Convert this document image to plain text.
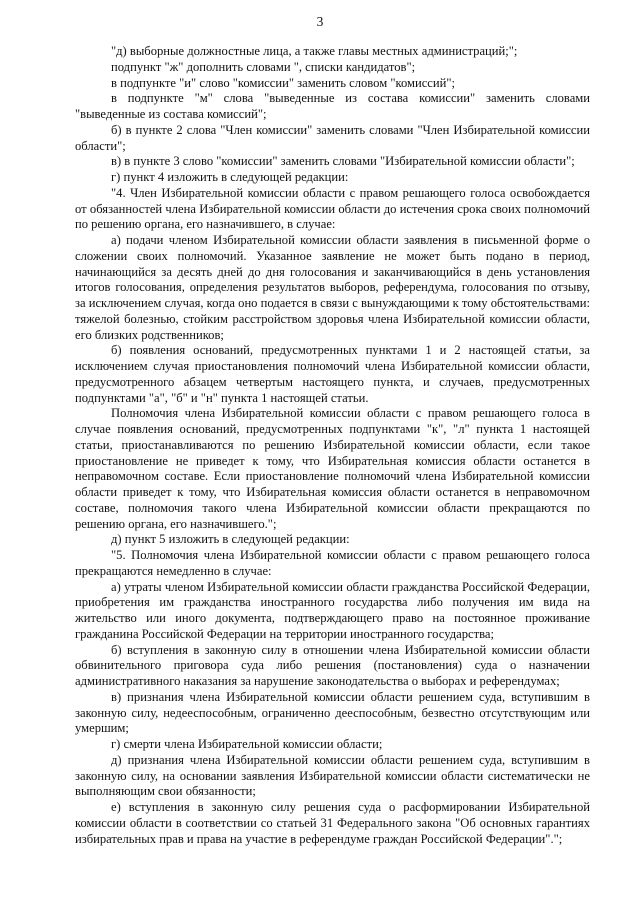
3

"д) выборные должностные лица, а также главы местных администраций;";

подпункт "ж" дополнить словами ", списки кандидатов";

в подпункте "и" слово "комиссии" заменить словом "комиссий";

в подпункте "м" слова "выведенные из состава комиссии" заменить словами "выведенные из состава комиссий";

б) в пункте 2 слова "Член комиссии" заменить словами "Член Избирательной комиссии области";

в) в пункте 3 слово "комиссии" заменить словами "Избирательной комиссии области";

г) пункт 4 изложить в следующей редакции:

"4. Член Избирательной комиссии области с правом решающего голоса освобождается от обязанностей члена Избирательной комиссии области до истечения срока своих полномочий по решению органа, его назначившего, в случае:

а) подачи членом Избирательной комиссии области заявления в письменной форме о сложении своих полномочий. Указанное заявление не может быть подано в период, начинающийся за десять дней до дня голосования и заканчивающийся в день установления итогов голосования, определения результатов выборов, референдума, голосования по отзыву, за исключением случая, когда оно подается в связи с вынуждающими к тому обстоятельствами: тяжелой болезнью, стойким расстройством здоровья члена Избирательной комиссии области, его близких родственников;

б) появления оснований, предусмотренных пунктами 1 и 2 настоящей статьи, за исключением случая приостановления полномочий члена Избирательной комиссии области, предусмотренного абзацем четвертым настоящего пункта, и случаев, предусмотренных подпунктами "а", "б" и "н" пункта 1 настоящей статьи.

Полномочия члена Избирательной комиссии области с правом решающего голоса в случае появления оснований, предусмотренных подпунктами "к", "л" пункта 1 настоящей статьи, приостанавливаются по решению Избирательной комиссии области, если такое приостановление не приведет к тому, что Избирательная комиссия области останется в неправомочном составе. Если приостановление полномочий члена Избирательной комиссии области приведет к тому, что Избирательная комиссия области останется в неправомочном составе, полномочия такого члена Избирательной комиссии области прекращаются по решению органа, его назначившего.";

д) пункт 5 изложить в следующей редакции:

"5. Полномочия члена Избирательной комиссии области с правом решающего голоса прекращаются немедленно в случае:

а) утраты членом Избирательной комиссии области гражданства Российской Федерации, приобретения им гражданства иностранного государства либо получения им вида на жительство или иного документа, подтверждающего право на постоянное проживание гражданина Российской Федерации на территории иностранного государства;

б) вступления в законную силу в отношении члена Избирательной комиссии области обвинительного приговора суда либо решения (постановления) суда о назначении административного наказания за нарушение законодательства о выборах и референдумах;

в) признания члена Избирательной комиссии области решением суда, вступившим в законную силу, недееспособным, ограниченно дееспособным, безвестно отсутствующим или умершим;

г) смерти члена Избирательной комиссии области;

д) признания члена Избирательной комиссии области решением суда, вступившим в законную силу, на основании заявления Избирательной комиссии области систематически не выполняющим свои обязанности;

е) вступления в законную силу решения суда о расформировании Избирательной комиссии области в соответствии со статьей 31 Федерального закона "Об основных гарантиях избирательных прав и права на участие в референдуме граждан Российской Федерации".";
